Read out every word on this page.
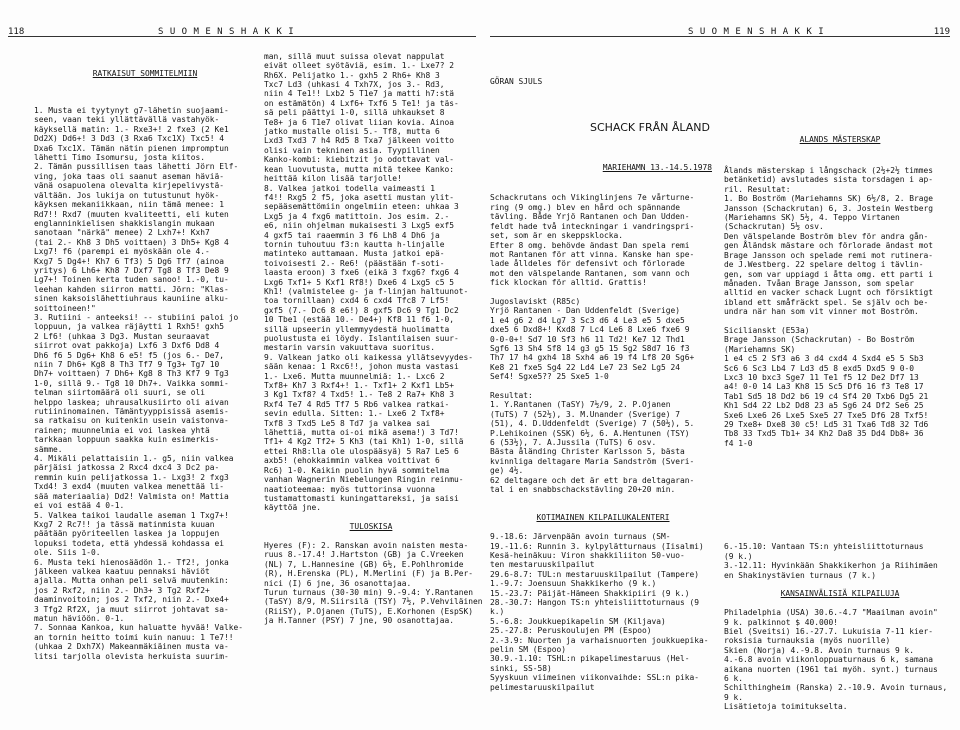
118	S U O M E N S H A K K I

RATKAISUT SOMMITELMIIN

1. Musta ei tyytynyt g7-lähetin suojaami-
seen, vaan teki yllättävällä vastahyök-
käyksellä matin: 1.- Rxe3+! 2 fxe3 (2 Ke1
Dd2X) Dd6+! 3 Dd3 (3 Rxa6 Txc1X) Txc5! 4
Dxa6 Txc1X. Tämän nätin pienen impromptun
lähetti Timo Isomursu, josta kiitos.
2. Tämän pussillisen taas lähetti Jörn Elf-
ving, joka taas oli saanut aseman häviä-
vänä osapuolena olevalta kirjepelivystä-
vältään. Jos lukija on tutustunut hyök-
käyksen mekaniikkaan, niin tämä menee: 1
Rd7!! Rxd7 (muuten kvaliteetti, eli kuten
englanninkielisen shakkislangin mukaan
sanotaan "närkä" menee) 2 Lxh7+! Kxh7
(tai 2.- Kh8 3 Dh5 voittaen) 3 Dh5+ Kg8 4
Lxg7! f6 (parempi ei myöskään ole 4.-
Kxg7 5 Dg4+! Kh7 6 Tf3) 5 Dg6 Tf7 (ainoa
yritys) 6 Lh6+ Kh8 7 Dxf7 Tg8 8 Tf3 De8 9
Lg7+! Toinen kerta tuden sanoo! 1.-0, tu-
leehan kahden siirron matti. Jörn: "Klas-
sinen kaksoislähettiuhraus kauniine alku-
soittoineen!"
3. Rutiini - anteeksi! -- stubiini paloi jo
loppuun, ja valkea räjäytti 1 Rxh5! gxh5
2 Lf6! (uhkaa 3 Dg3. Mustan seuraavat
siirrot ovat pakkoja) Lxf6 3 Dxf6 Dd8 4
Dh6 f6 5 Dg6+ Kh8 6 e5! f5 (jos 6.- De7,
niin 7 Dh6+ Kg8 8 Th3 Tf7 9 Tg3+ Tg7 10
Dh7+ voittaen) 7 Dh6+ Kg8 8 Th3 Kf7 9 Tg3
1-0, sillä 9.- Tg8 10 Dh7+. Vaikka sommi-
telman siirtomäärä oli suuri, se oli
helppo laskea; uhrausalkusiirto oli aivan
rutiininomainen. Tämäntyyppisissä asemis-
sa ratkaisu on kuitenkin usein vaistonva-
rainen; muunnelmia ei voi laskea yhtä
tarkkaan loppuun saakka kuin esimerkis-
sämme.
4. Mikäli pelattaisiin 1.- g5, niin valkea
pärjäisi jatkossa 2 Rxc4 dxc4 3 Dc2 pa-
remmin kuin pelijatkossa 1.- Lxg3! 2 fxg3
Txd4! 3 exd4 (muuten valkea menettää li-
sää materiaalia) Dd2! Valmista on! Mattia
ei voi estää 4 0-1.
5. Valkea taikoi laudalle aseman 1 Txg7+!
Kxg7 2 Rc7!! ja tässä matinmista kuuan
päätään pyöriteellen laskea ja loppujen
lopuksi todeta, että yhdessä kohdassa ei
ole. Siis 1-0.
6. Musta teki hienosäädön 1.- Tf2!, jonka
jälkeen valkea kaatuu pennaksi häviöt
ajalla. Mutta onhan peli selvä muutenkin:
jos 2 Rxf2, niin 2.- Dh3+ 3 Tg2 Rxf2+
daaminvoitoin; jos 2 Txf2, niin 2.- Dxe4+
3 Tfg2 Rf2X, ja muut siirrot johtavat sa-
matun häviöön. 0-1.
7. Sonnaa Kankoa, kun haluatte hyvää! Valke-
an tornin heitto toimi kuin nanuu: 1 Te7!!
(uhkaa 2 Dxh7X) Makeanmäkiäinen musta va-
litsi tarjolla olevista herkuista suurim-

man, sillä muut suissa olevat nappulat
eivät olleet syötäviä, esim. 1.- Lxe7? 2
Rh6X. Pelijatko 1.- gxh5 2 Rh6+ Kh8 3
Txc7 Ld3 (uhkasi 4 Txh7X, jos 3.- Rd3,
niin 4 Te1!! Lxb2 5 T1e7 ja matti h7:stä
on estämätön) 4 Lxf6+ Txf6 5 Te1! ja täs-
sä peli päättyi 1-0, sillä uhkaukset 8
Te8+ ja 6 T1e7 olivat liian kovia. Ainoa
jatko mustalle olisi 5.- Tf8, mutta 6
Lxd3 Txd3 7 h4 Rd5 8 Txa7 jälkeen voitto
olisi vain tekninen asia. Tyypillinen
Kanko-kombi: kiebitzit jo odottavat val-
kean luovutusta, mutta mitä tekee Kanko:
heittää kilon lisää tarjolle!
8. Valkea jatkoi todella vaimeasti 1
f4!! Rxg5 2 f5, joka asetti mustan ylit-
sepääsemättömiin ongelmiin eteen: uhkaa 3
Lxg5 ja 4 fxg6 matittoin. Jos esim. 2.-
e6, niin ohjelman mukaisesti 3 Lxg5 exf5
4 gxf5 tai raaemmin 3 f6 Lh8 4 Dh6 ja
tornin tuhoutuu f3:n kautta h-linjalle
matinteko auttamaan. Musta jatkoi epä-
toivoisesti 2.- Re6! (päästään f-soti-
laasta eroon) 3 fxe6 (eikä 3 fxg6? fxg6 4
Lxg6 Txf1+ 5 Kxf1 Rf8!) Dxe6 4 Lxg5 c5 5
Kh1! (valmistelee g- ja f-linjan haltuunot-
toa tornillaan) cxd4 6 cxd4 Tfc8 7 Lf5!
gxf5 (7.- Dc6 8 e6!) 8 gxf5 Dc6 9 Tg1 Dc2
10 Tbe1 (estää 10.- De4+) Kf8 11 f6 1-0,
sillä upseerin yllemmyydestä huolimatta
puolustusta ei löydy. Islantilaisen suur-
mestarin varsin vakuuttava suoritus.
9. Valkean jatko oli kaikessa yllätsevyydes-
sään kenaa: 1 Rxc6!!, johon musta vastasi
1.- Lxe6. Mutta muunnelmiä: 1.- Lxc6 2
Txf8+ Kh7 3 Rxf4+! 1.- Txf1+ 2 Kxf1 Lb5+
3 Kg1 Txf8? 4 Txd5! 1.- Te8 2 Ra7+ Kh8 3
Rxf4 Te7 4 Rd5 Tf7 5 Rb6 valkea ratkai-
sevin edulla. Sitten: 1.- Lxe6 2 Txf8+
Txf8 3 Txd5 Le5 8 Td7 ja valkea sai
lähettiä, mutta oi-oi mikä asema!) 3 Td7!
Tf1+ 4 Kg2 Tf2+ 5 Kh3 (tai Kh1) 1-0, sillä
ettei Rh8:lla ole ulospääsyä) 5 Ra7 Le5 6
axb5! (ehokkaimmin valkea voittivat 6
Rc6) 1-0. Kaikin puolin hyvä sommitelma
vanhan Wagnerin Niebelungen Ringin reinmu-
naatioteemaa: myös tuttorinsa vuonna
tustamattomasti kuningattareksi, ja saisi
käyttöä jne.

TULOSKISA

Hyeres (F): 2. Ranskan avoin naisten mesta-
ruus 8.-17.4! J.Hartston (GB) ja C.Vreeken
(NL) 7, L.Hannesine (GB) 6½, E.Pohlhromide
(R), H.Erenska (PL), M.Merlini (F) ja B.Per-
nici (I) 6 jne, 36 osanottajaa.
Turun turnaus (30-30 min) 9.-9.4: Y.Rantanen
(TaSY) 8/9, M.Siirsilä (TSY) 7½, P.Vehviläinen
(RiiSY), P.Ojanen (TuTS), E.Korhonen (EspSK)
ja H.Tanner (PSY) 7 jne, 90 osanottajaa.

S U O M E N S H A K K I	119

GÖRAN SJULS

SCHACK FRÅN ÅLAND

MARIEHAMN 13.-14.5.1978

Schackrutans och Vikinglinjens 7e vårturne-
ring (9 omg.) blev en hård och spännande
tävling. Både Yrjö Rantanen och Dan Udden-
feldt hade två inteckningar i vandringspri-
set, som är en skeppsklocka.
Efter 8 omg. behövde ändast Dan spela remi
mot Rantanen för att vinna. Kanske han spe-
lade ålldeles för defensivt och förlorade
mot den välspelande Rantanen, som vann och
fick klockan för alltid. Grattis!

Jugoslaviskt (R85c)
Yrjö Rantanen - Dan Uddenfeldt (Sverige)
1 e4 g6 2 d4 Lg7 3 Sc3 d6 4 Le3 e5 5 dxe5
dxe5 6 Dxd8+! Kxd8 7 Lc4 Le6 8 Lxe6 fxe6 9
0-0-0+! Sd7 10 Sf3 h6 11 Td2! Ke7 12 Thd1
Sgf6 13 Sh4 Sf8 14 g3 g5 15 Sg2 S8d7 16 f3
Th7 17 h4 gxh4 18 Sxh4 a6 19 f4 Lf8 20 Sg6+
Ke8 21 fxe5 Sg4 22 Ld4 Le7 23 Se2 Lg5 24
Sef4! Sgxe5?? 25 Sxe5 1-0

Resultat:
1. Y.Rantanen (TaSY) 7½/9, 2. P.Ojanen
(TuTS) 7 (52½), 3. M.Unander (Sverige) 7
(51), 4. D.Uddenfeldt (Sverige) 7 (50½), 5.
P.Lehikoinen (SSK) 6½, 6. A.Hentunen (TSY)
6 (53½), 7. A.Jussila (TuTS) 6 osv.
Bästa åländing Christer Karlsson 5, bästa
kvinnliga deltagare Maria Sandström (Sveri-
ge) 4½.
62 deltagare och det är ett bra deltagaran-
tal i en snabbschackstävling 20+20 min.

KOTIMAINEN KILPAILUKALENTERI

9.-18.6: Järvenpään avoin turnaus (SM-
19.-11.6: Runnin 3. kylpylätturnaus (Iisalmi)
Kesä-heinäkuu: Viron shakkiliiton 50-vuo-
ten mestaruuskilpailut
29.6-8.7: TUL:n mestaruuskilpailut (Tampere)
1.-9.7: Joensuun Shakkikerho (9 k.)
15.-23.7: Päijät-Hämeen Shakkipiiri (9 k.)
28.-30.7: Hangon TS:n yhteisliittoturnaus (9
k.)
5.-6.8: Joukkuepikapelin SM (Kiljava)
25.-27.8: Peruskoulujen PM (Espoo)
2.-3.9: Nuorten ja varhaisnuorten joukkuepika-
pelin SM (Espoo)
30.9.-1.10: TSHL:n pikapelimestaruus (Hel-
sinki, SS-58)
Syyskuun viimeinen viikonvaihde: SSL:n pika-
pelimestaruuskilpailut

ALANDS MÄSTERSKAP

Ålands mästerskap i långschack (2½+2½ timmes
betänketid) avslutades sista torsdagen i ap-
ril. Resultat:
1. Bo Boström (Mariehamns SK) 6½/8, 2. Brage
Jansson (Schackrutan) 6, 3. Jostein Westberg
(Mariehamns SK) 5½, 4. Teppo Virtanen
(Schackrutan) 5½ osv.
Den välspelande Boström blev för andra gån-
gen Åländsk mästare och förlorade ändast mot
Brage Jansson och spelade remi mot rutinera-
de J.Westberg. 22 spelare deltog i tävlin-
gen, som var uppiagd i åtta omg. ett parti i
månaden. Tvåan Brage Jansson, som spelar
alltid en vacker schack Lugnt och försiktigt
ibland ett småfräckt spel. Se själv och be-
undra när han som vit vinner mot Boström.

Sicilianskt (E53a)
Brage Jansson (Schackrutan) - Bo Boström
(Mariehamns SK)
1 e4 c5 2 Sf3 a6 3 d4 cxd4 4 Sxd4 e5 5 Sb3
Sc6 6 Sc3 Lb4 7 Ld3 d5 8 exd5 Dxd5 9 0-0
Lxc3 10 bxc3 Sge7 11 Te1 f5 12 De2 Df7 13
a4! 0-0 14 La3 Kh8 15 Sc5 Df6 16 f3 Te8 17
Tab1 Sd5 18 Dd2 b6 19 c4 Sf4 20 Txb6 Dg5 21
Kh1 Sd4 22 Lb2 Dd8 23 a5 Sg6 24 Df2 Se6 25
Sxe6 Lxe6 26 Lxe5 Sxe5 27 Txe5 Df6 28 Txf5!
29 Txe8+ Dxe8 30 c5! Ld5 31 Txa6 Td8 32 Td6
Tb8 33 Txd5 Tb1+ 34 Kh2 Da8 35 Dd4 Db8+ 36
f4 1-0

6.-15.10: Vantaan TS:n yhteisliittoturnaus
(9 k.)
3.-12.11: Hyvinkään Shakkikerhon ja Riihimäen
en Shakinystävien turnaus (7 k.)

KANSAINVÄLISIÄ KILPAILUJA

Philadelphia (USA) 30.6.-4.7 "Maailman avoin"
9 k. palkinnot $ 40.000!
Biel (Sveitsi) 16.-27.7. Lukuisia 7-11 kier-
roksisia turnauksia (myös nuorille)
Skien (Norja) 4.-9.8. Avoin turnaus 9 k.
4.-6.8 avoin viikonloppuaturnaus 6 k, samana
aikana nuorten (1961 tai myöh. synt.) turnaus
6 k.
Schilthingheim (Ranska) 2.-10.9. Avoin turnaus,
9 k.
Lisätietoja toimitukselta.
